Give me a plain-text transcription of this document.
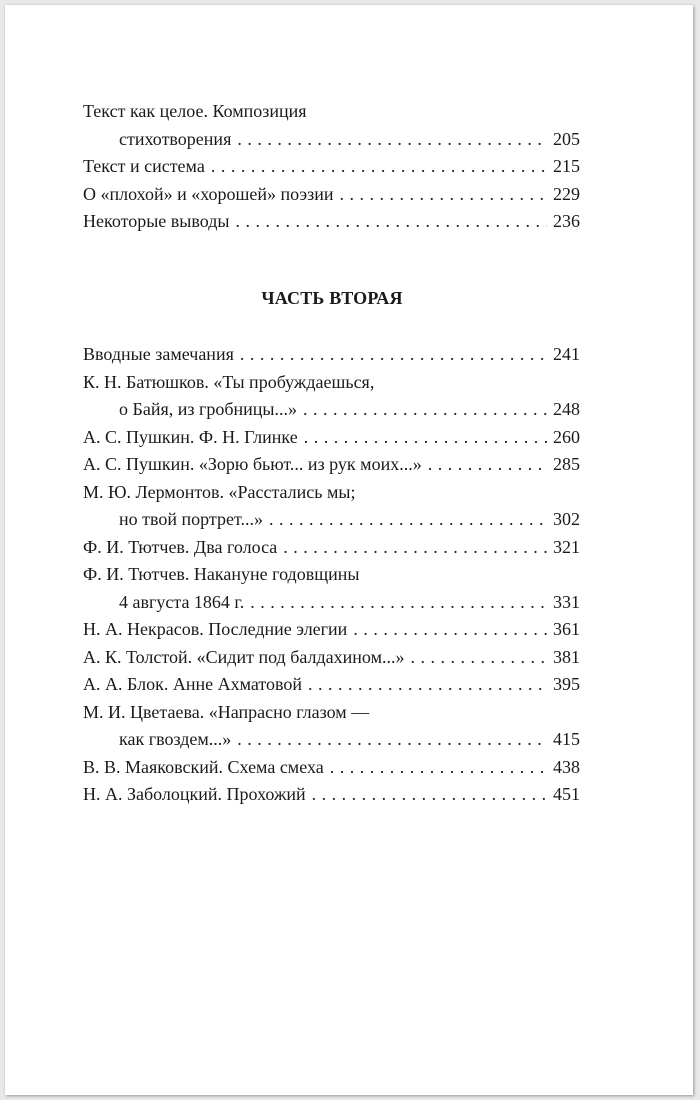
Текст как целое. Композиция
стихотворения . . .	205
Текст и система . . .	215
О «плохой» и «хорошей» поэзии . . .	229
Некоторые выводы . . .	236
ЧАСТЬ ВТОРАЯ
Вводные замечания . . .	241
К. Н. Батюшков. «Ты пробуждаешься,
о Байя, из гробницы...» . . .	248
А. С. Пушкин. Ф. Н. Глинке . . .	260
А. С. Пушкин. «Зорю бьют... из рук моих...» . . .	285
М. Ю. Лермонтов. «Расстались мы;
но твой портрет...» . . .	302
Ф. И. Тютчев. Два голоса . . .	321
Ф. И. Тютчев. Накануне годовщины
4 августа 1864 г. . . .	331
Н. А. Некрасов. Последние элегии . . .	361
А. К. Толстой. «Сидит под балдахином...» . . .	381
А. А. Блок. Анне Ахматовой . . .	395
М. И. Цветаева. «Напрасно глазом —
как гвоздем...» . . .	415
В. В. Маяковский. Схема смеха . . .	438
Н. А. Заболоцкий. Прохожий . . .	451
